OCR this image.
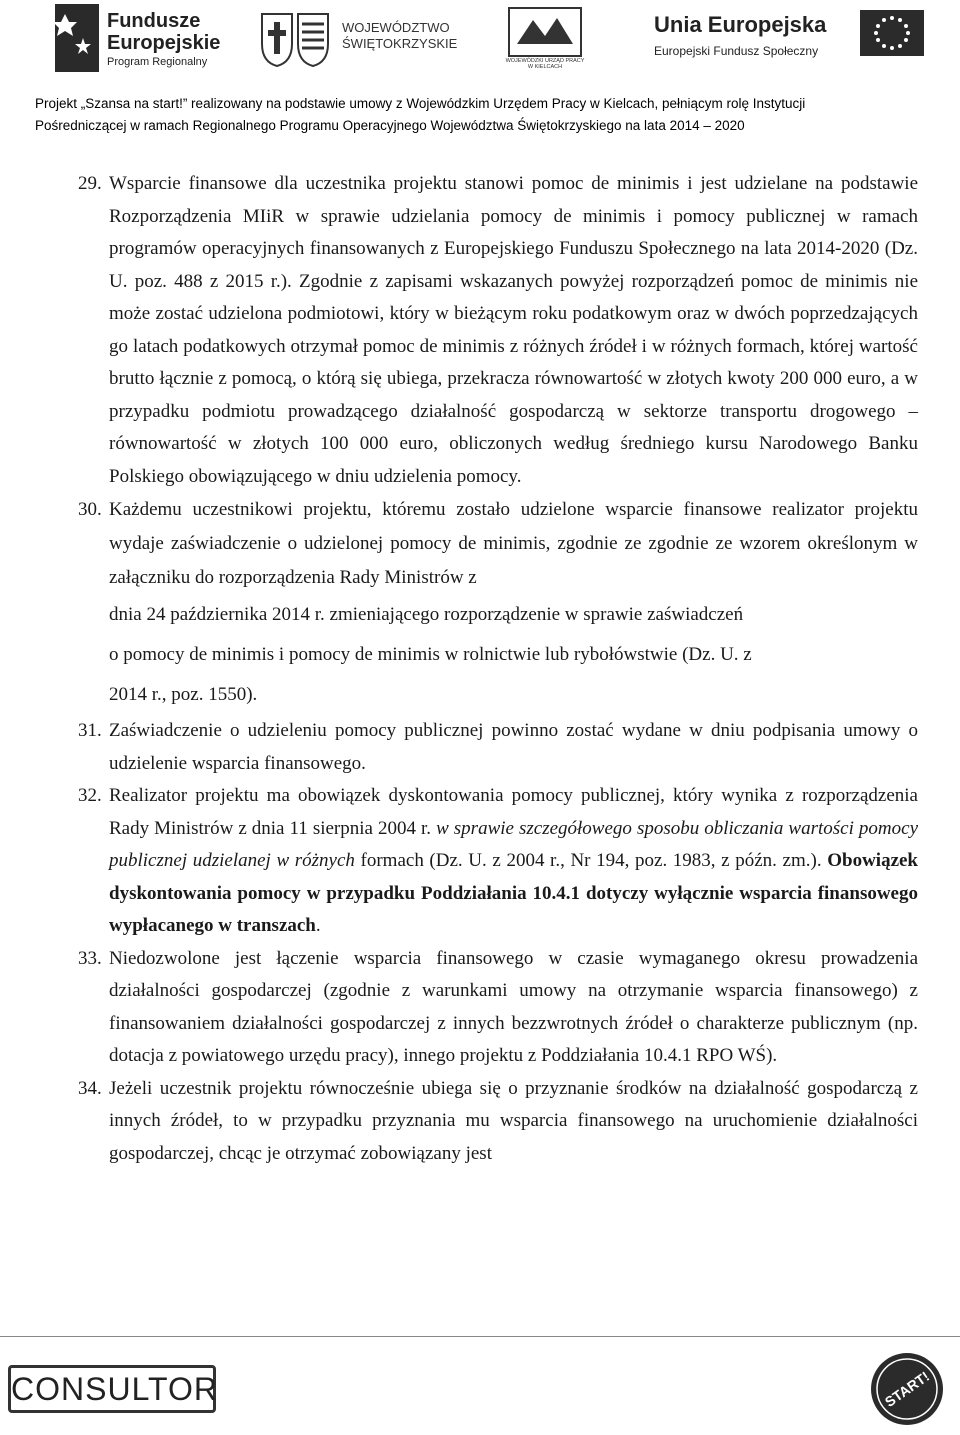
Fundusze
Europejskie
Program Regionalny
WOJEWÓDZTWO
ŚWIĘTOKRZYSKIE
WOJEWÓDZKI URZĄD PRACY
W KIELCACH
Unia Europejska
Europejski Fundusz Społeczny
Projekt „Szansa na start!” realizowany na podstawie umowy z Wojewódzkim Urzędem Pracy w Kielcach, pełniącym rolę Instytucji
Pośredniczącej w ramach Regionalnego Programu Operacyjnego Województwa Świętokrzyskiego na lata 2014 – 2020
29. Wsparcie finansowe dla uczestnika projektu stanowi pomoc de minimis i jest udzielane na podstawie Rozporządzenia MIiR w sprawie udzielania pomocy de minimis i pomocy publicznej w ramach programów operacyjnych finansowanych z Europejskiego Funduszu Społecznego na lata 2014-2020 (Dz. U. poz. 488 z 2015 r.). Zgodnie z zapisami wskazanych powyżej rozporządzeń pomoc de minimis nie może zostać udzielona podmiotowi, który w bieżącym roku podatkowym oraz w dwóch poprzedzających go latach podatkowych otrzymał pomoc de minimis z różnych źródeł i w różnych formach, której wartość brutto łącznie z pomocą, o którą się ubiega, przekracza równowartość w złotych kwoty 200 000 euro, a w przypadku podmiotu prowadzącego działalność gospodarczą w sektorze transportu drogowego – równowartość w złotych 100 000 euro, obliczonych według średniego kursu Narodowego Banku Polskiego obowiązującego w dniu udzielenia pomocy.
30. Każdemu uczestnikowi projektu, któremu zostało udzielone wsparcie finansowe realizator projektu wydaje zaświadczenie o udzielonej pomocy de minimis, zgodnie ze zgodnie ze wzorem określonym w załączniku do rozporządzenia Rady Ministrów z
dnia 24 października 2014 r. zmieniającego rozporządzenie w sprawie zaświadczeń
o pomocy de minimis i pomocy de minimis w rolnictwie lub rybołówstwie (Dz. U. z
2014 r., poz. 1550).
31. Zaświadczenie o udzieleniu pomocy publicznej powinno zostać wydane w dniu podpisania umowy o udzielenie wsparcia finansowego.
32. Realizator projektu ma obowiązek dyskontowania pomocy publicznej, który wynika z rozporządzenia Rady Ministrów z dnia 11 sierpnia 2004 r. w sprawie szczegółowego sposobu obliczania wartości pomocy publicznej udzielanej w różnych formach (Dz. U. z 2004 r., Nr 194, poz. 1983, z późn. zm.). Obowiązek dyskontowania pomocy w przypadku Poddziałania 10.4.1 dotyczy wyłącznie wsparcia finansowego wypłacanego w transzach.
33. Niedozwolone jest łączenie wsparcia finansowego w czasie wymaganego okresu prowadzenia działalności gospodarczej (zgodnie z warunkami umowy na otrzymanie wsparcia finansowego) z finansowaniem działalności gospodarczej z innych bezzwrotnych źródeł o charakterze publicznym (np. dotacja z powiatowego urzędu pracy), innego projektu z Poddziałania 10.4.1 RPO WŚ).
34. Jeżeli uczestnik projektu równocześnie ubiega się o przyznanie środków na działalność gospodarczą z innych źródeł, to w przypadku przyznania mu wsparcia finansowego na uruchomienie działalności gospodarczej, chcąc je otrzymać zobowiązany jest
CONSULTOR	START!
